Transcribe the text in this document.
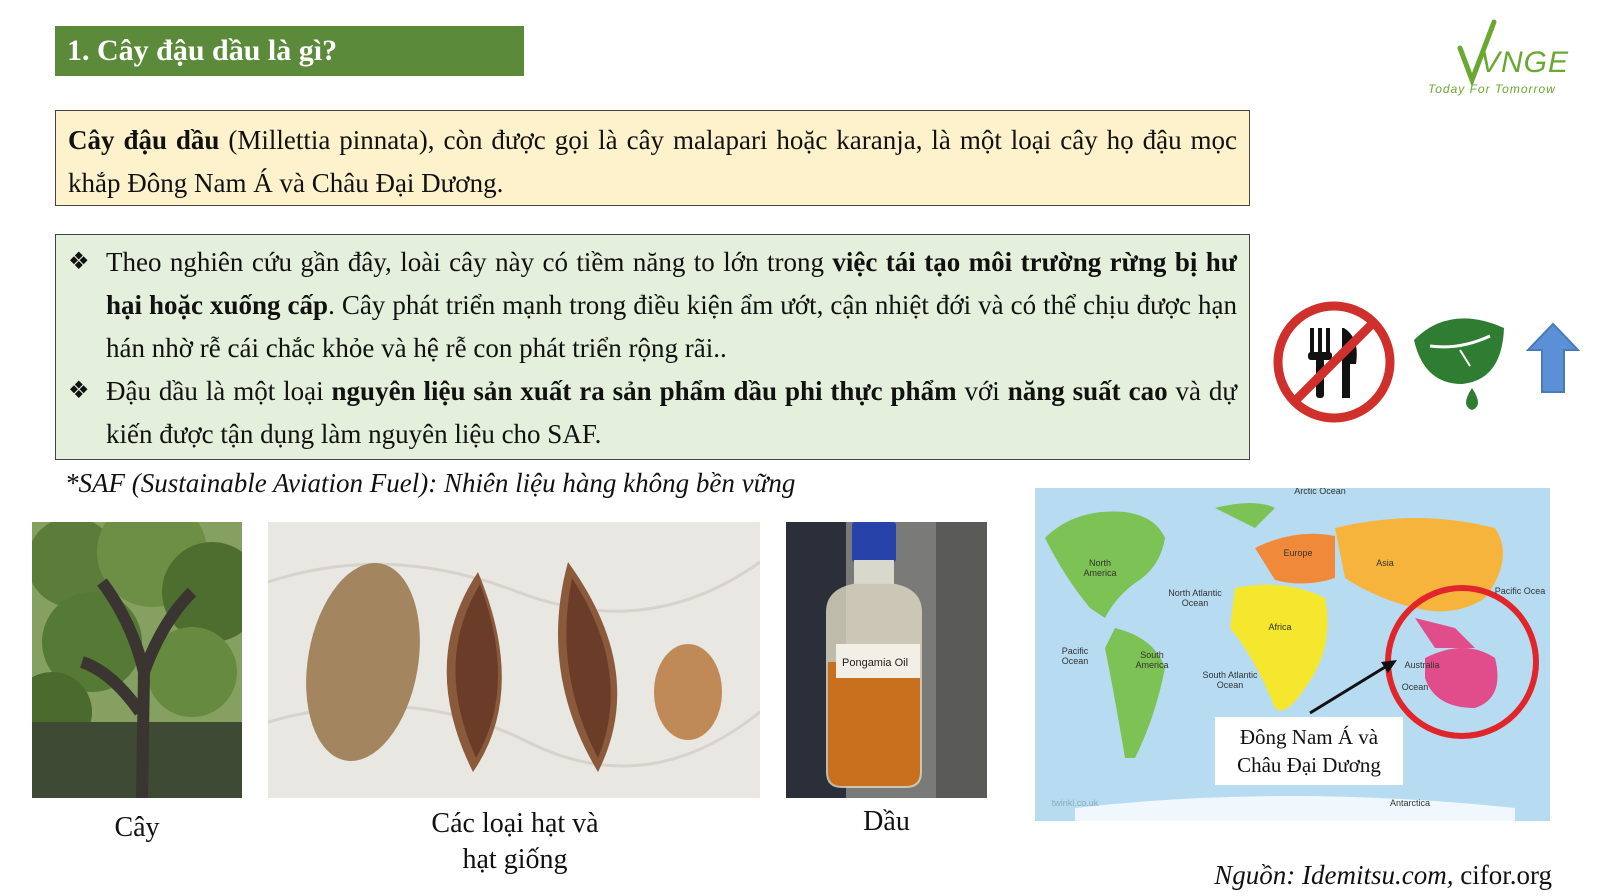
1. Cây đậu dầu là gì?	VNGE
Today For Tomorrow
Cây đậu dầu (Millettia pinnata), còn được gọi là cây malapari hoặc karanja, là một loại cây họ đậu mọc khắp Đông Nam Á và Châu Đại Dương.
❖ Theo nghiên cứu gần đây, loài cây này có tiềm năng to lớn trong việc tái tạo môi trường rừng bị hư hại hoặc xuống cấp. Cây phát triển mạnh trong điều kiện ẩm ướt, cận nhiệt đới và có thể chịu được hạn hán nhờ rễ cái chắc khỏe và hệ rễ con phát triển rộng rãi..
❖ Đậu dầu là một loại nguyên liệu sản xuất ra sản phẩm dầu phi thực phẩm với năng suất cao và dự kiến được tận dụng làm nguyên liệu cho SAF.
*SAF (Sustainable Aviation Fuel): Nhiên liệu hàng không bền vững
Cây	Các loại hạt và
hạt giống
Pongamia Oil
Dầu
Arctic Ocean
North America
North Atlantic Ocean
Europe
Asia
Africa
South America
Pacific Ocean
Pacific Ocea
South Atlantic Ocean	Ocean
Australia
Antarctica
twinkl.co.uk
Đông Nam Á và
Châu Đại Dương
Nguồn: Idemitsu.com, cifor.org
